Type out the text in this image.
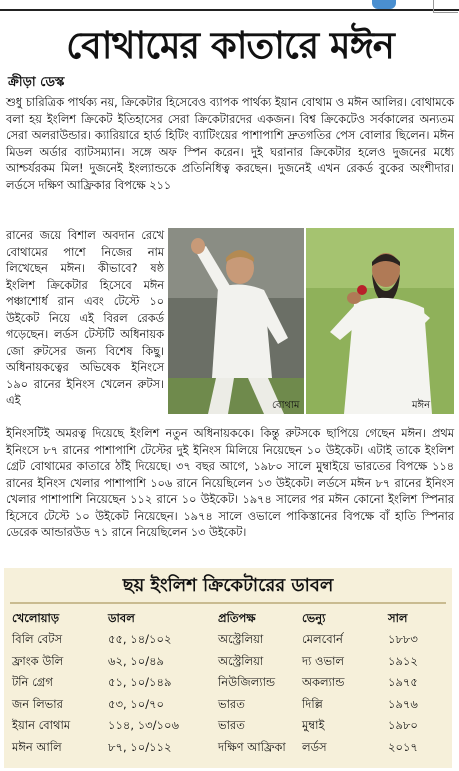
বোথামের কাতারে মঈন
ক্রীড়া ডেস্ক
শুধু চারিত্রিক পার্থক্য নয়, ক্রিকেটার হিসেবেও ব্যাপক পার্থক্য ইয়ান বোথাম ও মঈন আলির। বোথামকে বলা হয় ইংলিশ ক্রিকেট ইতিহাসের সেরা ক্রিকেটারদের একজন। বিশ্ব ক্রিকেটেও সর্বকালের অন্যতম সেরা অলরাউন্ডার। ক্যারিয়ারে হার্ড হিটিং ব্যাটিংয়ের পাশাপাশি দ্রুতগতির পেস বোলার ছিলেন। মঈন মিডল অর্ডার ব্যাটসম্যান। সঙ্গে অফ স্পিন করেন। দুই ঘরানার ক্রিকেটার হলেও দুজনের মধ্যে আশ্চর্যরকম মিল! দুজনেই ইংল্যান্ডকে প্রতিনিধিত্ব করছেন। দুজনেই এখন রেকর্ড বুকের অংশীদার। লর্ডসে দক্ষিণ আফ্রিকার বিপক্ষে ২১১
বোথাম	মঈন
রানের জয়ে বিশাল অবদান রেখে বোথামের পাশে নিজের নাম লিখেছেন মঈন। কীভাবে? ষষ্ঠ ইংলিশ ক্রিকেটার হিসেবে মঈন পঞ্চাশোর্ধ রান এবং টেস্টে ১০ উইকেট নিয়ে এই বিরল রেকর্ড গড়েছেন। লর্ডস টেস্টটি অধিনায়ক জো রুটসের জন্য বিশেষ কিছু। অধিনায়কত্বের অভিষেক ইনিংসে ১৯০ রানের ইনিংস খেলেন রুটস। এই
ইনিংসটিই অমরত্ব দিয়েছে ইংলিশ নতুন অধিনায়ককে। কিন্তু রুটসকে ছাপিয়ে গেছেন মঈন। প্রথম ইনিংসে ৮৭ রানের পাশাপাশি টেস্টের দুই ইনিংস মিলিয়ে নিয়েছেন ১০ উইকেট। এটাই তাকে ইংলিশ গ্রেট বোথামের কাতারে ঠাঁই দিয়েছে। ৩৭ বছর আগে, ১৯৮০ সালে মুম্বাইয়ে ভারতের বিপক্ষে ১১৪ রানের ইনিংস খেলার পাশাপাশি ১০৬ রানে নিয়েছিলেন ১৩ উইকেট। লর্ডসে মঈন ৮৭ রানের ইনিংস খেলার পাশাপাশি নিয়েছেন ১১২ রানে ১০ উইকেট। ১৯৭৪ সালের পর মঈন কোনো ইংলিশ স্পিনার হিসেবে টেস্টে ১০ উইকেট নিয়েছেন। ১৯৭৪ সালে ওভালে পাকিস্তানের বিপক্ষে বাঁ হাতি স্পিনার ডেরেক আন্ডারউড ৭১ রানে নিয়েছিলেন ১৩ উইকেট।
ছয় ইংলিশ ক্রিকেটারের ডাবল
খেলোয়াড়	ডাবল	প্রতিপক্ষ	ভেন্যু	সাল
বিলি বেটস	৫৫, ১৪/১০২	অস্ট্রেলিয়া	মেলবোর্ন	১৮৮৩
ফ্রাংক উলি	৬২, ১০/৪৯	অস্ট্রেলিয়া	দ্য ওভাল	১৯১২
টনি গ্রেগ	৫১, ১০/১৪৯	নিউজিল্যান্ড	অকল্যান্ড	১৯৭৫
জন লিভার	৫৩, ১০/৭০	ভারত	দিল্লি	১৯৭৬
ইয়ান বোথাম	১১৪, ১৩/১০৬	ভারত	মুম্বাই	১৯৮০
মঈন আলি	৮৭, ১০/১১২	দক্ষিণ আফ্রিকা	লর্ডস	২০১৭
